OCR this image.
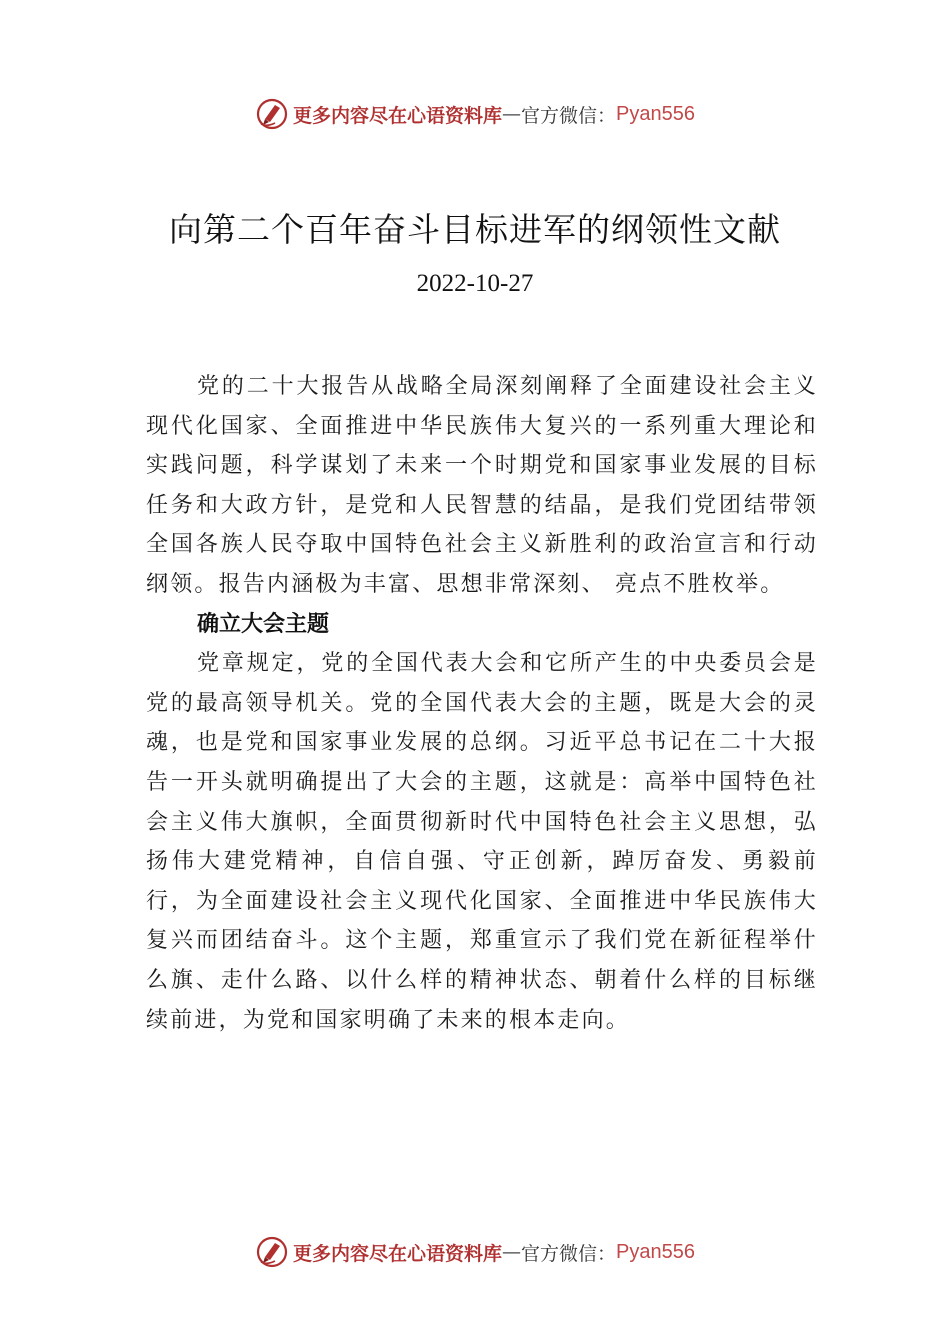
更多内容尽在心语资料库 — 官方微信： Pyan556
向第二个百年奋斗目标进军的纲领性文献
2022-10-27

党的二十大报告从战略全局深刻阐释了全面建设社会主义现代化国家、全面推进中华民族伟大复兴的一系列重大理论和实践问题，科学谋划了未来一个时期党和国家事业发展的目标任务和大政方针，是党和人民智慧的结晶，是我们党团结带领全国各族人民夺取中国特色社会主义新胜利的政治宣言和行动纲领。报告内涵极为丰富、思想非常深刻、 亮点不胜枚举。

确立大会主题

党章规定，党的全国代表大会和它所产生的中央委员会是党的最高领导机关。党的全国代表大会的主题，既是大会的灵魂，也是党和国家事业发展的总纲。习近平总书记在二十大报告一开头就明确提出了大会的主题，这就是：高举中国特色社会主义伟大旗帜，全面贯彻新时代中国特色社会主义思想，弘扬伟大建党精神，自信自强、守正创新，踔厉奋发、勇毅前行，为全面建设社会主义现代化国家、全面推进中华民族伟大复兴而团结奋斗。这个主题，郑重宣示了我们党在新征程举什么旗、走什么路、以什么样的精神状态、朝着什么样的目标继续前进，为党和国家明确了未来的根本走向。

更多内容尽在心语资料库 — 官方微信： Pyan556
